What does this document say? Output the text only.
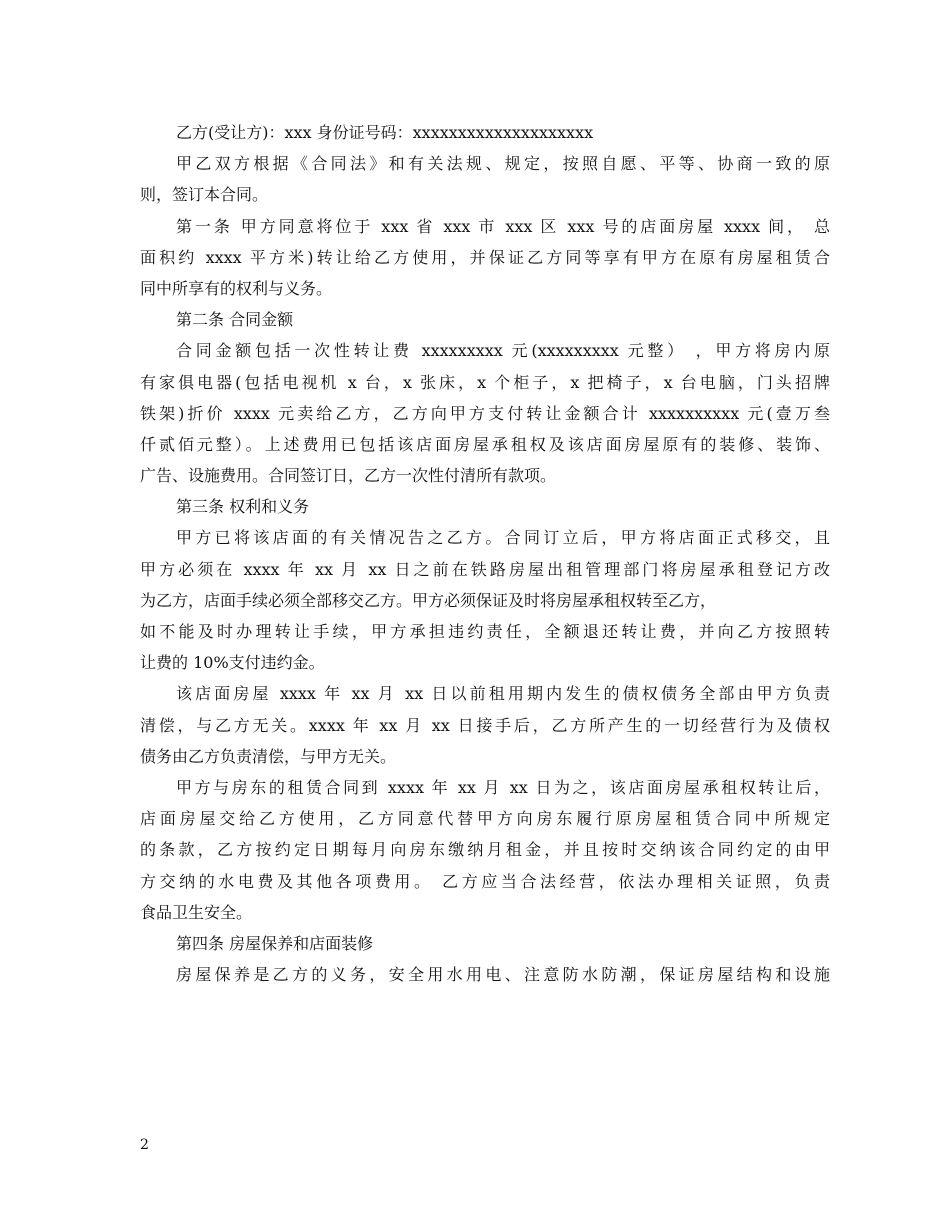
乙方(受让方)：xxx 身份证号码：xxxxxxxxxxxxxxxxxxxx
甲乙双方根据《合同法》和有关法规、规定，按照自愿、平等、协商一致的原
则，签订本合同。
第一条 甲方同意将位于 xxx 省 xxx 市 xxx 区 xxx 号的店面房屋 xxxx 间， 总
面积约 xxxx 平方米)转让给乙方使用，并保证乙方同等享有甲方在原有房屋租赁合
同中所享有的权利与义务。
第二条 合同金额
合同金额包括一次性转让费 xxxxxxxxx 元(xxxxxxxxx 元整） ，甲方将房内原
有家俱电器(包括电视机 x 台，x 张床，x 个柜子，x 把椅子，x 台电脑，门头招牌
铁架)折价 xxxx 元卖给乙方，乙方向甲方支付转让金额合计 xxxxxxxxxx 元(壹万叁
仟贰佰元整）。上述费用已包括该店面房屋承租权及该店面房屋原有的装修、装饰、
广告、设施费用。合同签订日，乙方一次性付清所有款项。
第三条 权利和义务
甲方已将该店面的有关情况告之乙方。合同订立后，甲方将店面正式移交，且
甲方必须在 xxxx 年 xx 月 xx 日之前在铁路房屋出租管理部门将房屋承租登记方改
为乙方，店面手续必须全部移交乙方。甲方必须保证及时将房屋承租权转至乙方，
如不能及时办理转让手续，甲方承担违约责任，全额退还转让费，并向乙方按照转
让费的 10%支付违约金。
该店面房屋 xxxx 年 xx 月 xx 日以前租用期内发生的债权债务全部由甲方负责
清偿，与乙方无关。xxxx 年 xx 月 xx 日接手后，乙方所产生的一切经营行为及债权
债务由乙方负责清偿，与甲方无关。
甲方与房东的租赁合同到 xxxx 年 xx 月 xx 日为之，该店面房屋承租权转让后，
店面房屋交给乙方使用，乙方同意代替甲方向房东履行原房屋租赁合同中所规定
的条款，乙方按约定日期每月向房东缴纳月租金，并且按时交纳该合同约定的由甲
方交纳的水电费及其他各项费用。 乙方应当合法经营，依法办理相关证照，负责
食品卫生安全。
第四条 房屋保养和店面装修
房屋保养是乙方的义务，安全用水用电、注意防水防潮，保证房屋结构和设施
2
